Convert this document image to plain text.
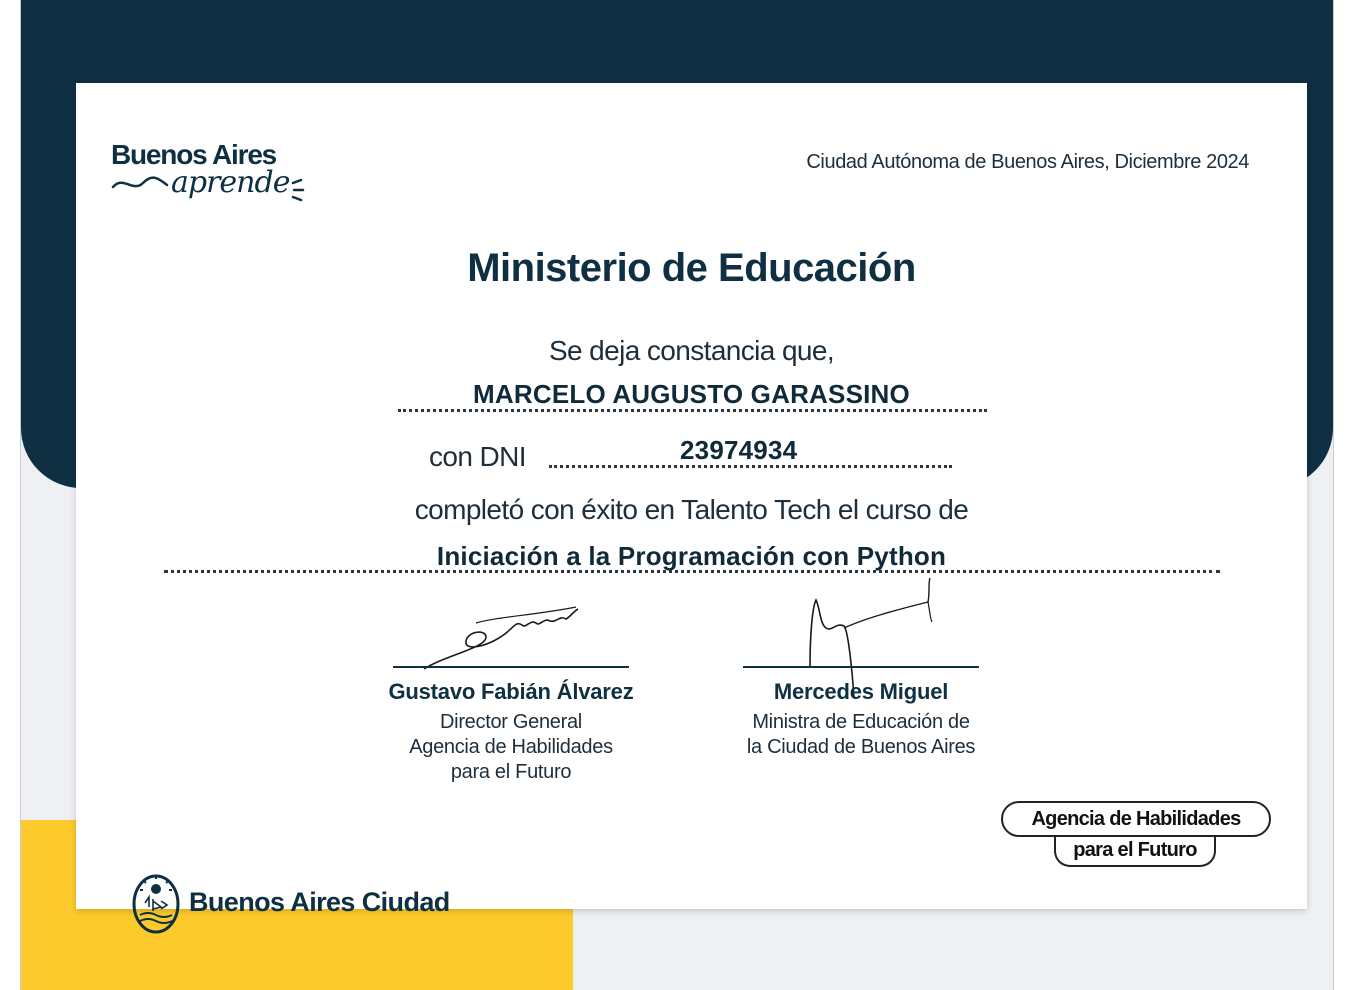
Buenos Aires
aprende
Ciudad Autónoma de Buenos Aires, Diciembre 2024
Ministerio de Educación
Se deja constancia que,
MARCELO AUGUSTO GARASSINO
con DNI	23974934
completó con éxito en Talento Tech el curso de
Iniciación a la Programación con Python
Gustavo Fabián Álvarez
Director General
Agencia de Habilidades
para el Futuro
Mercedes Miguel
Ministra de Educación de
la Ciudad de Buenos Aires
Agencia de Habilidades
para el Futuro
Buenos Aires Ciudad
